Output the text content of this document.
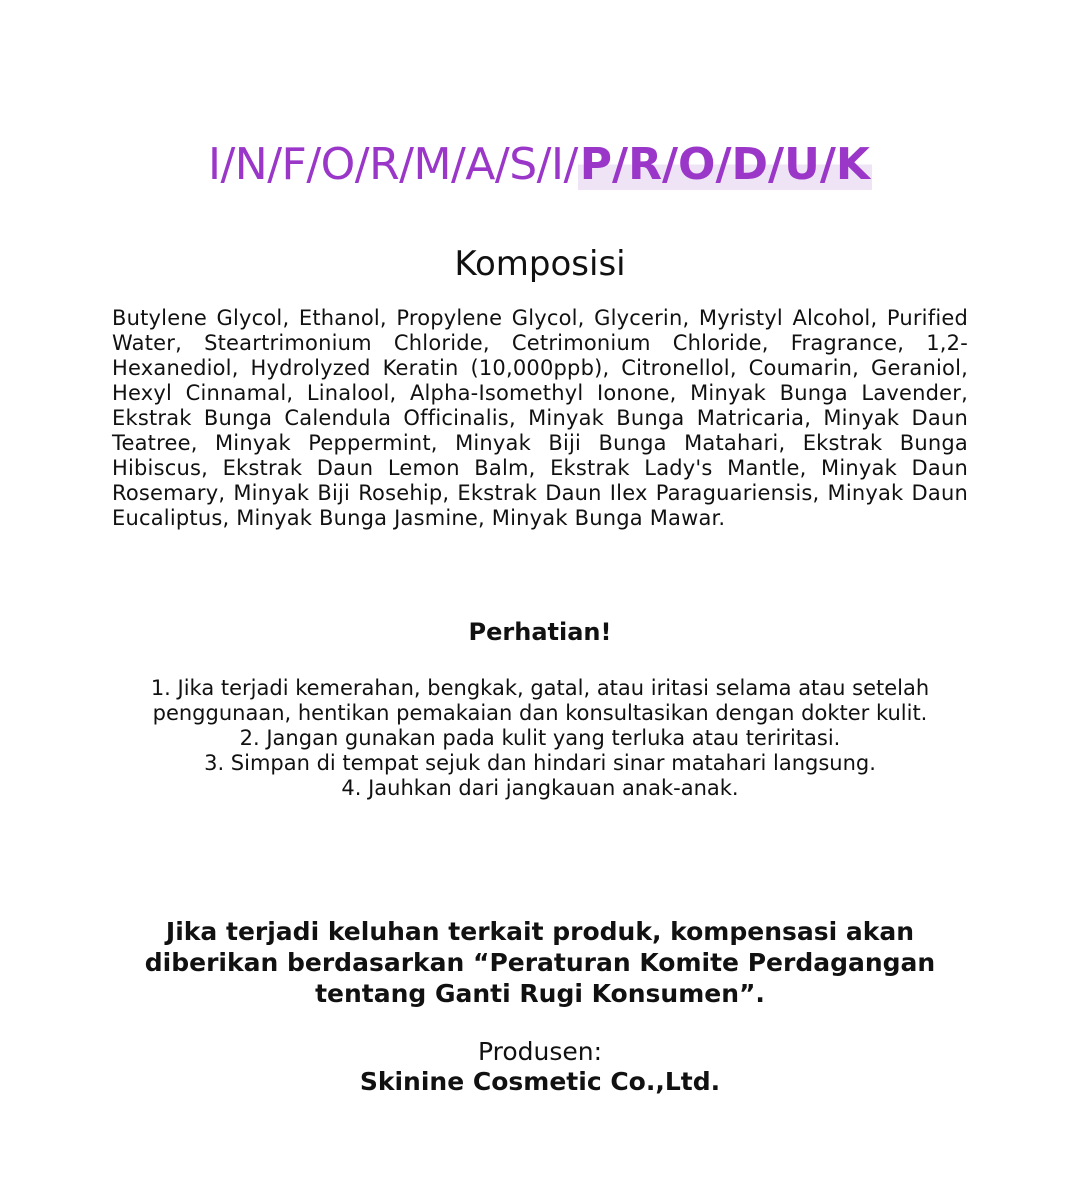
I/N/F/O/R/M/A/S/I/P/R/O/D/U/K
Komposisi

Butylene Glycol, Ethanol, Propylene Glycol, Glycerin, Myristyl Alcohol, Purified Water, Steartrimonium Chloride, Cetrimonium Chloride, Fragrance, 1,2-Hexanediol, Hydrolyzed Keratin (10,000ppb), Citronellol, Coumarin, Geraniol, Hexyl Cinnamal, Linalool, Alpha-Isomethyl Ionone, Minyak Bunga Lavender, Ekstrak Bunga Calendula Officinalis, Minyak Bunga Matricaria, Minyak Daun Teatree, Minyak Peppermint, Minyak Biji Bunga Matahari, Ekstrak Bunga Hibiscus, Ekstrak Daun Lemon Balm, Ekstrak Lady's Mantle, Minyak Daun Rosemary, Minyak Biji Rosehip, Ekstrak Daun Ilex Paraguariensis, Minyak Daun Eucaliptus, Minyak Bunga Jasmine, Minyak Bunga Mawar.

Perhatian!
1. Jika terjadi kemerahan, bengkak, gatal, atau iritasi selama atau setelah penggunaan, hentikan pemakaian dan konsultasikan dengan dokter kulit.
2. Jangan gunakan pada kulit yang terluka atau teriritasi.
3. Simpan di tempat sejuk dan hindari sinar matahari langsung.
4. Jauhkan dari jangkauan anak-anak.

Jika terjadi keluhan terkait produk, kompensasi akan diberikan berdasarkan “Peraturan Komite Perdagangan tentang Ganti Rugi Konsumen”.

Produsen:

Skinine Cosmetic Co.,Ltd.
